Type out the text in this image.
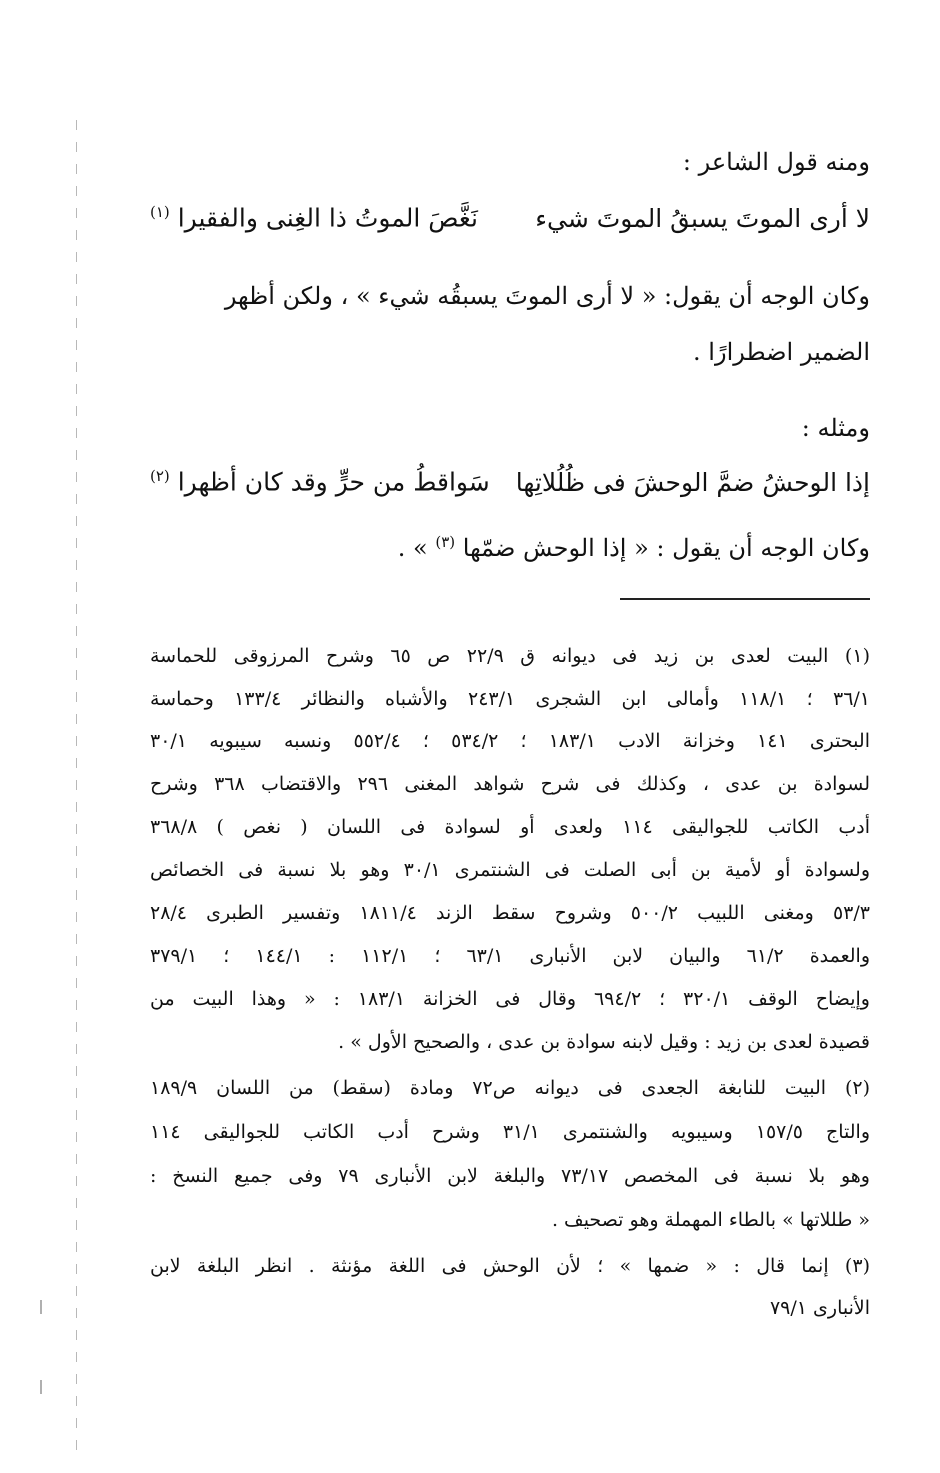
ومنه قول الشاعر :
لا أرى الموتَ يسبقُ الموتَ شيء
نَغَّصَ الموتُ ذا الغِنى والفقيرا $^{(١)}$
وكان الوجه أن يقول: « لا أرى الموتَ يسبقُه شيء » ، ولكن أظهر
الضمير اضطرارًا .
ومثله :
إذا الوحشُ ضمَّ الوحشَ فى ظُلُلاتِها
سَواقطُ من حرٍّ وقد كان أظهرا $^{(٢)}$
وكان الوجه أن يقول : « إذا الوحش ضمّها $^{(٣)}$ » .
(١) البيت لعدى بن زيد فى ديوانه ق ٢٢/٩ ص ٦٥ وشرح المرزوقى للحماسة
٣٦/١ ؛ ١١٨/١ وأمالى ابن الشجرى ٢٤٣/١ والأشباه والنظائر ١٣٣/٤ وحماسة
البحترى ١٤١ وخزانة الادب ١٨٣/١ ؛ ٥٣٤/٢ ؛ ٥٥٢/٤ ونسبه سيبويه ٣٠/١
لسوادة بن عدى ، وكذلك فى شرح شواهد المغنى ٢٩٦ والاقتضاب ٣٦٨ وشرح
أدب الكاتب للجواليقى ١١٤ ولعدى أو لسوادة فى اللسان ( نغص ) ٣٦٨/٨
ولسوادة أو لأمية بن أبى الصلت فى الشنتمرى ٣٠/١ وهو بلا نسبة فى الخصائص
٥٣/٣ ومغنى اللبيب ٥٠٠/٢ وشروح سقط الزند ١٨١١/٤ وتفسير الطبرى ٢٨/٤
والعمدة ٦١/٢ والبيان لابن الأنبارى ٦٣/١ ؛ ١١٢/١ : ١٤٤/١ ؛ ٣٧٩/١
وإيضاح الوقف ٣٢٠/١ ؛ ٦٩٤/٢ وقال فى الخزانة ١٨٣/١ : « وهذا البيت من
قصيدة لعدى بن زيد : وقيل لابنه سوادة بن عدى ، والصحيح الأول » .
(٢) البيت للنابغة الجعدى فى ديوانه ص٧٢ ومادة (سقط) من اللسان ١٨٩/٩
والتاج ١٥٧/٥ وسيبويه والشنتمرى ٣١/١ وشرح أدب الكاتب للجواليقى ١١٤
وهو بلا نسبة فى المخصص ٧٣/١٧ والبلغة لابن الأنبارى ٧٩ وفى جميع النسخ :
« طللاتها » بالطاء المهملة وهو تصحيف .
(٣) إنما قال : « ضمها » ؛ لأن الوحش فى اللغة مؤنثة . انظر البلغة لابن
الأنبارى ٧٩/١
